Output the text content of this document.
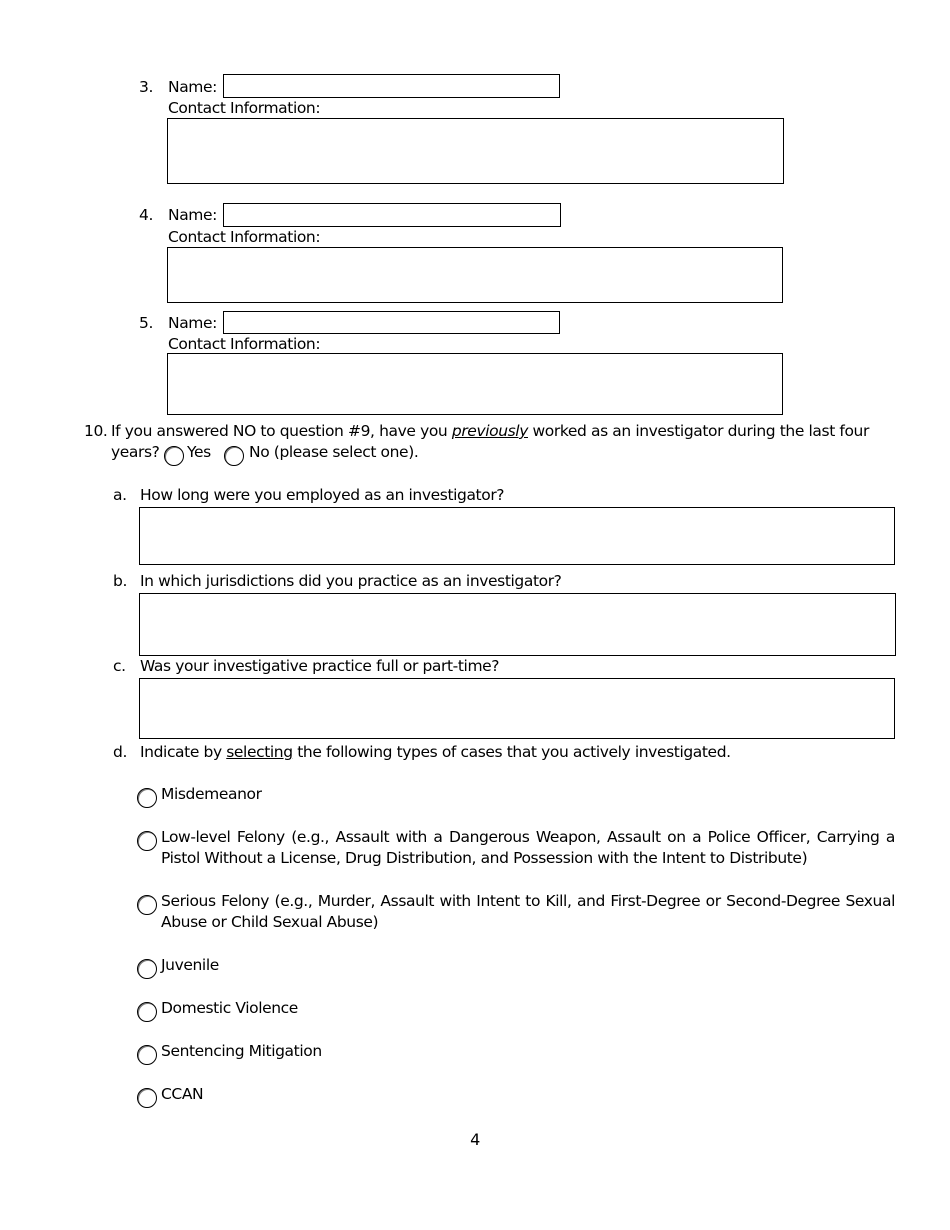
3. Name:
Contact Information:
4. Name:
Contact Information:
5. Name:
Contact Information:
10. If you answered NO to question #9, have you previously worked as an investigator during the last four
years? Yes No (please select one).
a. How long were you employed as an investigator?
b. In which jurisdictions did you practice as an investigator?
c. Was your investigative practice full or part-time?
d. Indicate by selecting the following types of cases that you actively investigated.
Misdemeanor
Low-level Felony (e.g., Assault with a Dangerous Weapon, Assault on a Police Officer, Carrying a Pistol Without a License, Drug Distribution, and Possession with the Intent to Distribute)
Serious Felony (e.g., Murder, Assault with Intent to Kill, and First-Degree or Second-Degree Sexual Abuse or Child Sexual Abuse)
Juvenile
Domestic Violence
Sentencing Mitigation
CCAN
4
